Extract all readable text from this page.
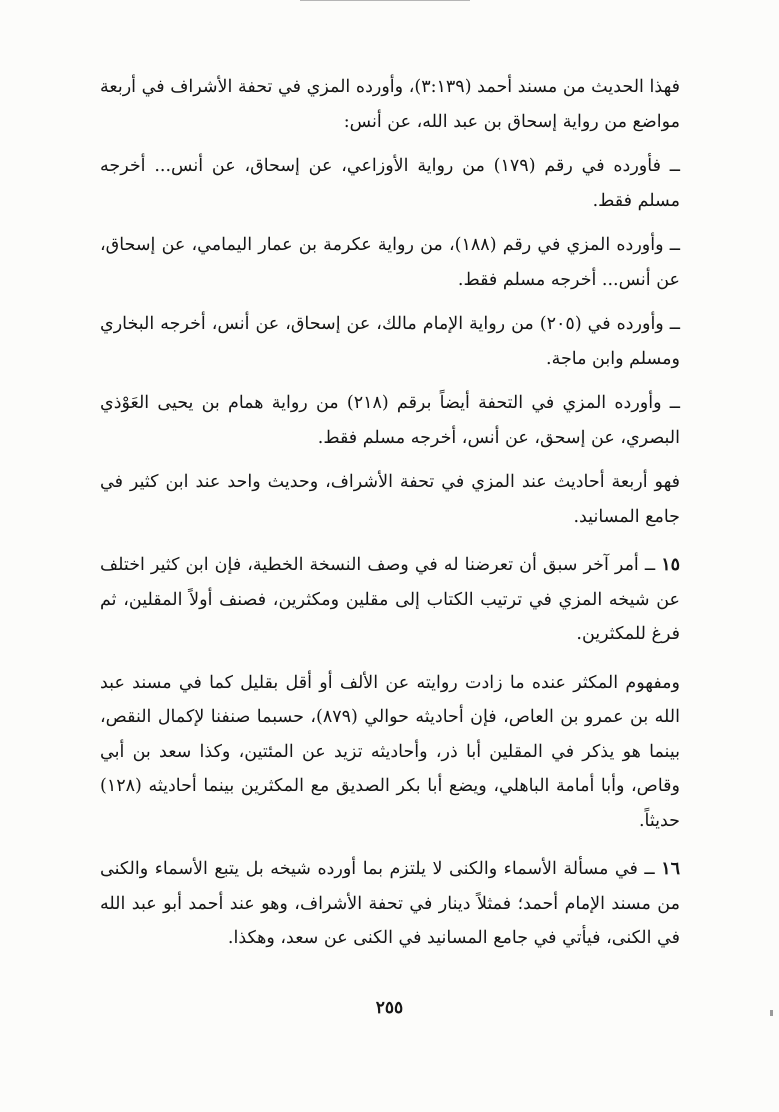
فهذا الحديث من مسند أحمد (٣:١٣٩)، وأورده المزي في تحفة الأشراف في أربعة مواضع من رواية إسحاق بن عبد الله، عن أنس:

ــ فأورده في رقم (١٧٩) من رواية الأوزاعي، عن إسحاق، عن أنس... أخرجه مسلم فقط.

ــ وأورده المزي في رقم (١٨٨)، من رواية عكرمة بن عمار اليمامي، عن إسحاق، عن أنس... أخرجه مسلم فقط.

ــ وأورده في (٢٠٥) من رواية الإمام مالك، عن إسحاق، عن أنس، أخرجه البخاري ومسلم وابن ماجة.

ــ وأورده المزي في التحفة أيضاً برقم (٢١٨) من رواية همام بن يحيى العَوْذي البصري، عن إسحق، عن أنس، أخرجه مسلم فقط.

فهو أربعة أحاديث عند المزي في تحفة الأشراف، وحديث واحد عند ابن كثير في جامع المسانيد.

١٥ ــ أمر آخر سبق أن تعرضنا له في وصف النسخة الخطية، فإن ابن كثير اختلف عن شيخه المزي في ترتيب الكتاب إلى مقلين ومكثرين، فصنف أولاً المقلين، ثم فرغ للمكثرين.

ومفهوم المكثر عنده ما زادت روايته عن الألف أو أقل بقليل كما في مسند عبد الله بن عمرو بن العاص، فإن أحاديثه حوالي (٨٧٩)، حسبما صنفنا لإكمال النقص، بينما هو يذكر في المقلين أبا ذر، وأحاديثه تزيد عن المئتين، وكذا سعد بن أبي وقاص، وأبا أمامة الباهلي، ويضع أبا بكر الصديق مع المكثرين بينما أحاديثه (١٢٨) حديثاً.

١٦ ــ في مسألة الأسماء والكنى لا يلتزم بما أورده شيخه بل يتبع الأسماء والكنى من مسند الإمام أحمد؛ فمثلاً دينار في تحفة الأشراف، وهو عند أحمد أبو عبد الله في الكنى، فيأتي في جامع المسانيد في الكنى عن سعد، وهكذا.

٢٥٥
